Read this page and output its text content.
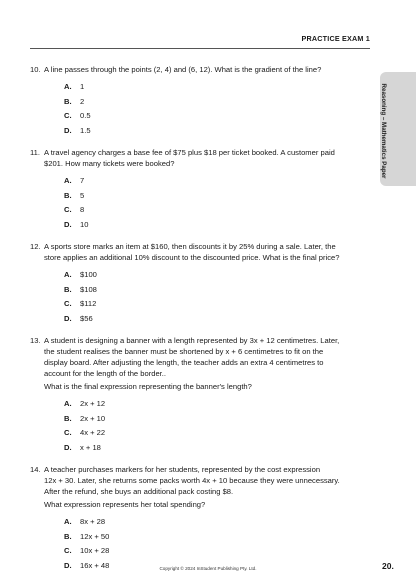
PRACTICE EXAM 1
Reasoning – Mathematics Paper
10. A line passes through the points (2, 4) and (6, 12). What is the gradient of the line?
A.	1
B.	2
C.	0.5
D.	1.5
11. A travel agency charges a base fee of $75 plus $18 per ticket booked. A customer paid
$201. How many tickets were booked?
A.	7
B.	5
C.	8
D.	10
12. A sports store marks an item at $160, then discounts it by 25% during a sale. Later, the
store applies an additional 10% discount to the discounted price. What is the final price?
A.	$100
B.	$108
C.	$112
D.	$56
13. A student is designing a banner with a length represented by 3x + 12 centimetres. Later,
the student realises the banner must be shortened by x + 6 centimetres to fit on the
display board. After adjusting the length, the teacher adds an extra 4 centimetres to
account for the length of the border..
What is the final expression representing the banner's length?
A.	2x + 12
B.	2x + 10
C.	4x + 22
D.	x + 18
14. A teacher purchases markers for her students, represented by the cost expression
12x + 30. Later, she returns some packs worth 4x + 10 because they were unnecessary.
After the refund, she buys an additional pack costing $8.
What expression represents her total spending?
A.	8x + 28
B.	12x + 50
C.	10x + 28
D.	16x + 48	Copyright © 2024 InStudent Publishing Pty. Ltd.	20.
